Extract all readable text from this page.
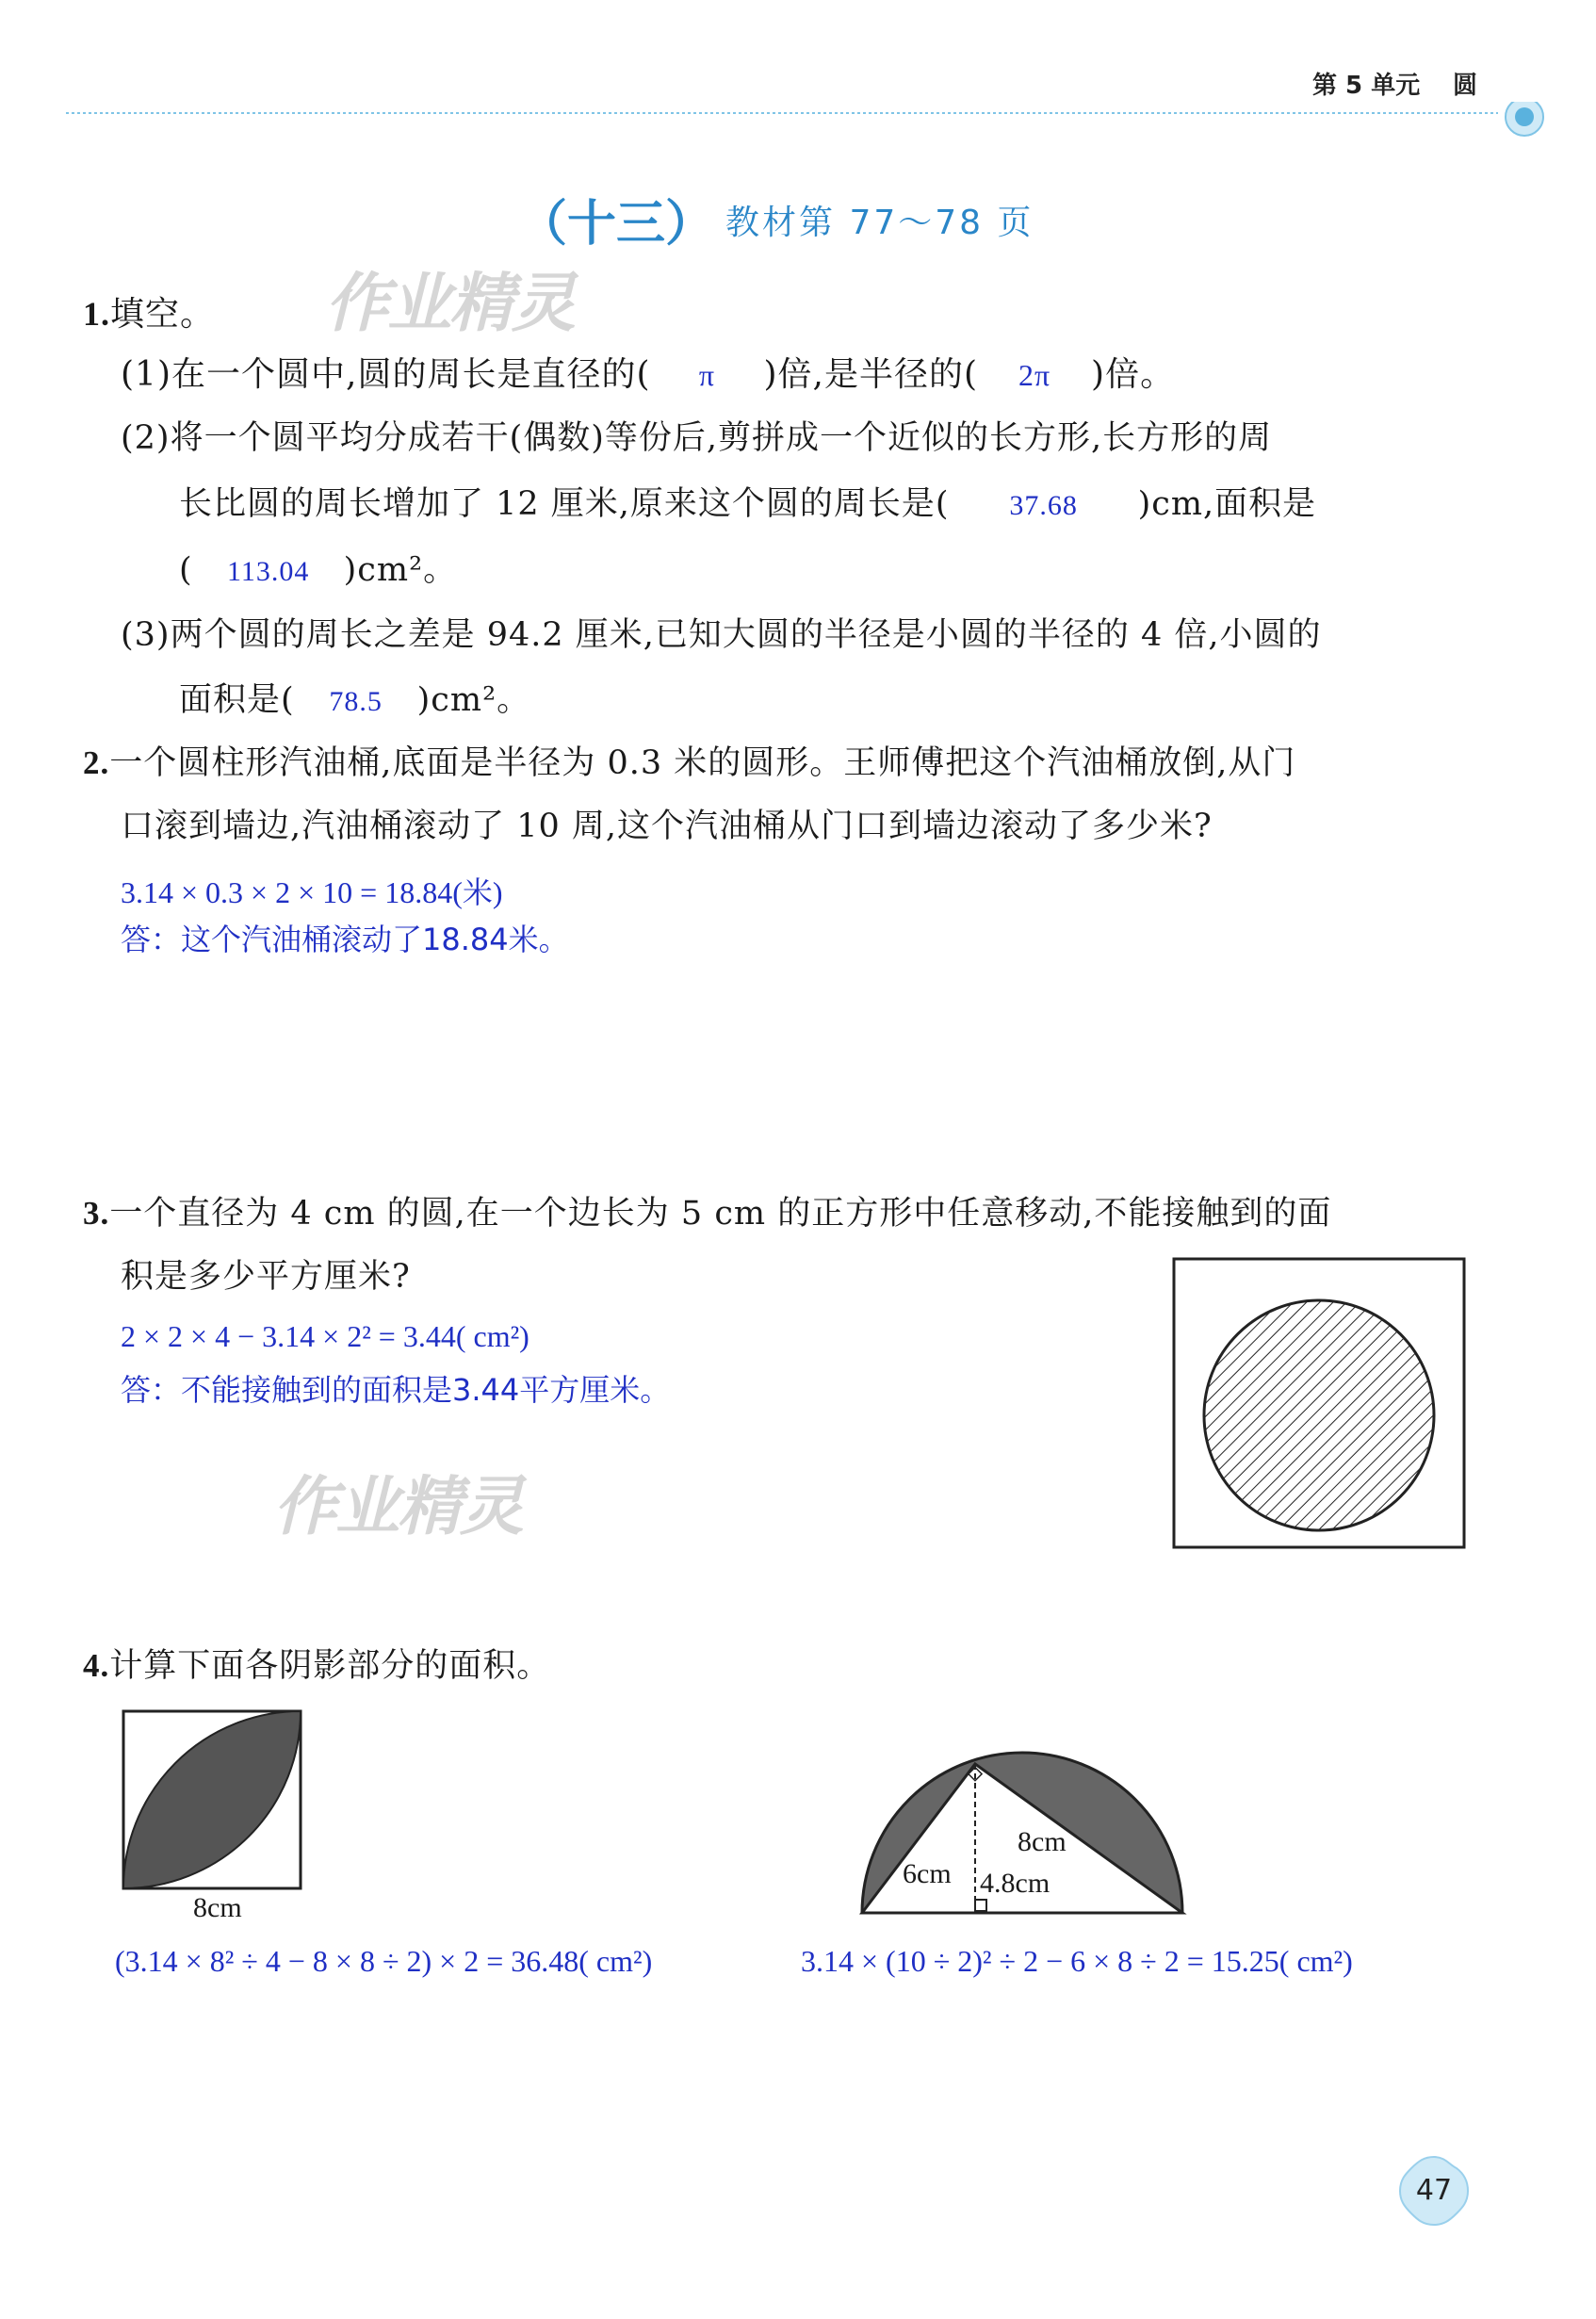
第 5 单元 圆
（十三） 教材第 77～78 页
作业精灵
作业精灵
1.填空。
(1)在一个圆中,圆的周长是直径的( π )倍,是半径的( 2π )倍。
(2)将一个圆平均分成若干(偶数)等份后,剪拼成一个近似的长方形,长方形的周
长比圆的周长增加了 12 厘米,原来这个圆的周长是( 37.68 )cm,面积是
( 113.04 )cm²。
(3)两个圆的周长之差是 94.2 厘米,已知大圆的半径是小圆的半径的 4 倍,小圆的
面积是( 78.5 )cm²。
2.一个圆柱形汽油桶,底面是半径为 0.3 米的圆形。王师傅把这个汽油桶放倒,从门
口滚到墙边,汽油桶滚动了 10 周,这个汽油桶从门口到墙边滚动了多少米?
3.14 × 0.3 × 2 × 10 = 18.84(米)
答：这个汽油桶滚动了18.84米。
3.一个直径为 4 cm 的圆,在一个边长为 5 cm 的正方形中任意移动,不能接触到的面
积是多少平方厘米?
2 × 2 × 4 − 3.14 × 2² = 3.44( cm²)
答：不能接触到的面积是3.44平方厘米。
4.计算下面各阴影部分的面积。
8cm
8cm
6cm 4.8cm
(3.14 × 8² ÷ 4 − 8 × 8 ÷ 2) × 2 = 36.48( cm²)	3.14 × (10 ÷ 2)² ÷ 2 − 6 × 8 ÷ 2 = 15.25( cm²)
47
